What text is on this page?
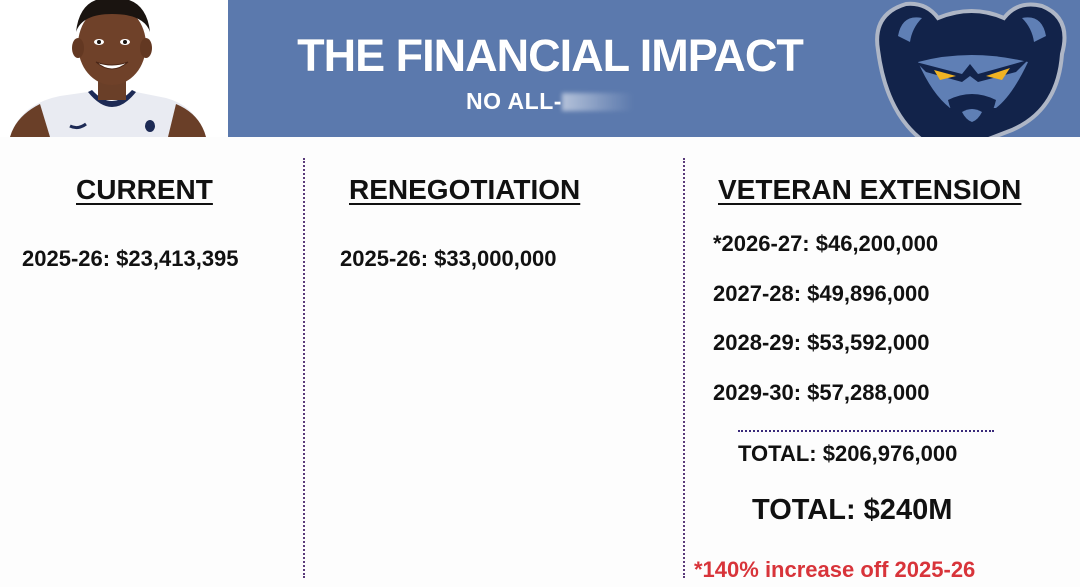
THE FINANCIAL IMPACT
NO ALL-
CURRENT
2025-26: $23,413,395
RENEGOTIATION
2025-26: $33,000,000
VETERAN EXTENSION
*2026-27: $46,200,000
2027-28: $49,896,000
2028-29: $53,592,000
2029-30: $57,288,000
TOTAL: $206,976,000
TOTAL: $240M
*140% increase off 2025-26
